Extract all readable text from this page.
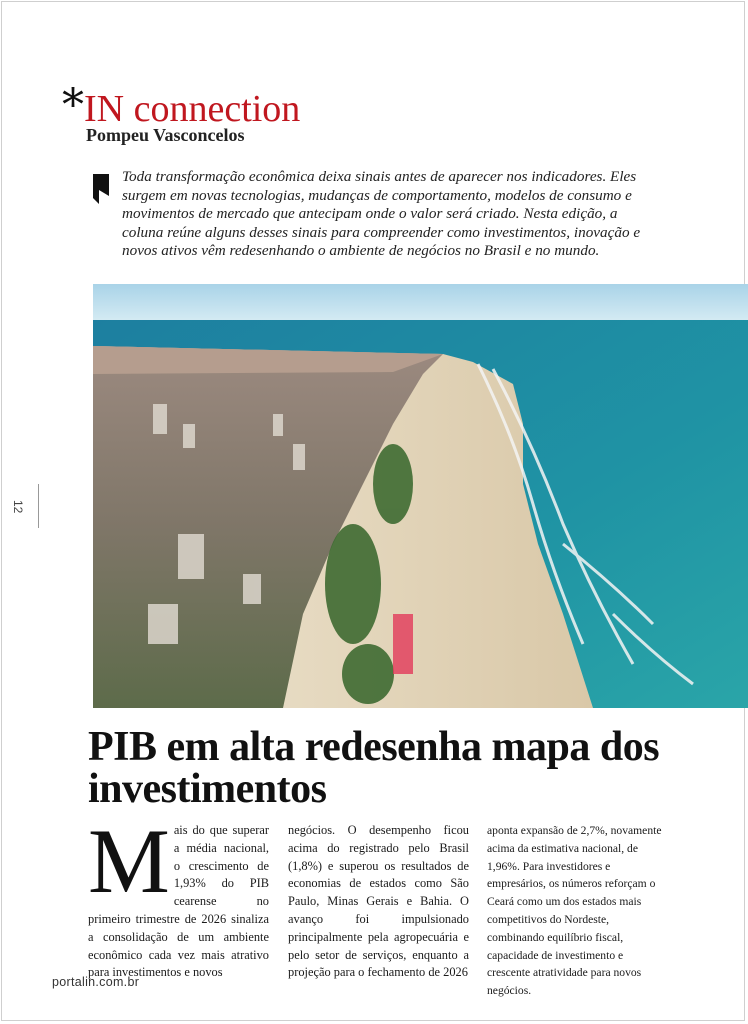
* IN connection
Pompeu Vasconcelos

Toda transformação econômica deixa sinais antes de aparecer nos indicadores. Eles surgem em novas tecnologias, mudanças de comportamento, modelos de consumo e movimentos de mercado que antecipam onde o valor será criado. Nesta edição, a coluna reúne alguns desses sinais para compreender como investimentos, inovação e novos ativos vêm redesenhando o ambiente de negócios no Brasil e no mundo.

12
PIB em alta redesenha mapa dos investimentos

Mais do que superar a média nacional, o crescimento de 1,93% do PIB cearense no primeiro trimestre de 2026 sinaliza a consolidação de um ambiente econômico cada vez mais atrativo para investimentos e novos

negócios. O desempenho ficou acima do registrado pelo Brasil (1,8%) e superou os resultados de economias de estados como São Paulo, Minas Gerais e Bahia. O avanço foi impulsionado principalmente pela agropecuária e pelo setor de serviços, enquanto a projeção para o fechamento de 2026

aponta expansão de 2,7%, novamente acima da estimativa nacional, de 1,96%. Para investidores e empresários, os números reforçam o Ceará como um dos estados mais competitivos do Nordeste, combinando equilíbrio fiscal, capacidade de investimento e crescente atratividade para novos negócios.

portalin.com.br
